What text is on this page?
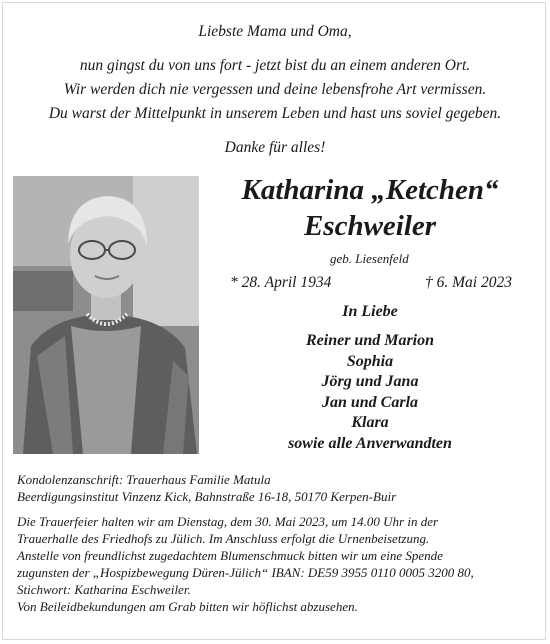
Liebste Mama und Oma,
nun gingst du von uns fort - jetzt bist du an einem anderen Ort.
Wir werden dich nie vergessen und deine lebensfrohe Art vermissen.
Du warst der Mittelpunkt in unserem Leben und hast uns soviel gegeben.
Danke für alles!
Katharina „Ketchen“
Eschweiler
geb. Liesenfeld
* 28. April 1934	† 6. Mai 2023
In Liebe
Reiner und Marion
Sophia
Jörg und Jana
Jan und Carla
Klara
sowie alle Anverwandten
Kondolenzanschrift: Trauerhaus Familie Matula
Beerdigungsinstitut Vinzenz Kick, Bahnstraße 16-18, 50170 Kerpen-Buir
Die Trauerfeier halten wir am Dienstag, dem 30. Mai 2023, um 14.00 Uhr in der
Trauerhalle des Friedhofs zu Jülich. Im Anschluss erfolgt die Urnenbeisetzung.
Anstelle von freundlichst zugedachtem Blumenschmuck bitten wir um eine Spende
zugunsten der „Hospizbewegung Düren-Jülich“ IBAN: DE59 3955 0110 0005 3200 80,
Stichwort: Katharina Eschweiler.
Von Beileidbekundungen am Grab bitten wir höflichst abzusehen.
